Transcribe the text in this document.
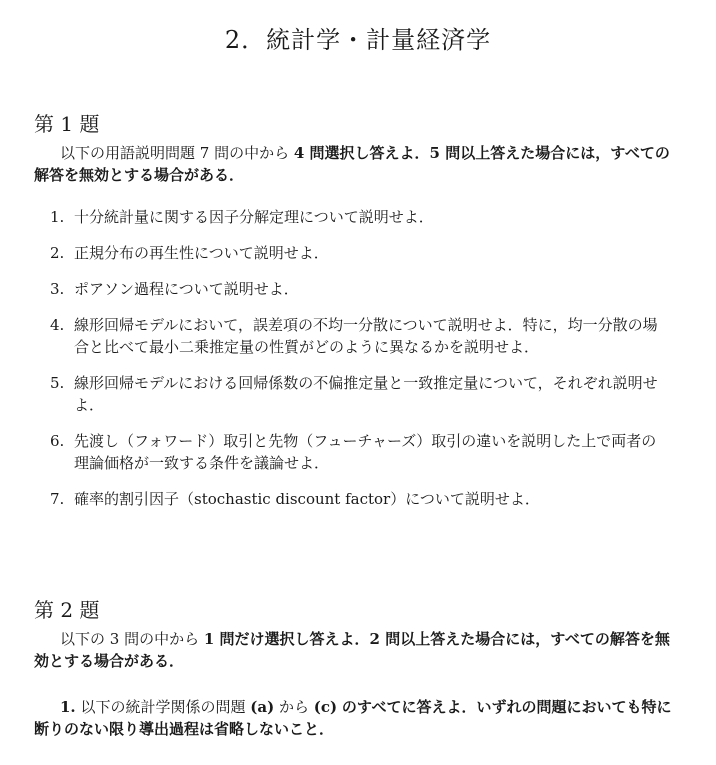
2．統計学・計量経済学
第 1 題
以下の用語説明問題 7 問の中から 4 問選択し答えよ．5 問以上答えた場合には，すべての解答を無効とする場合がある．
1. 十分統計量に関する因子分解定理について説明せよ．
2. 正規分布の再生性について説明せよ．
3. ポアソン過程について説明せよ．
4. 線形回帰モデルにおいて，誤差項の不均一分散について説明せよ．特に，均一分散の場合と比べて最小二乗推定量の性質がどのように異なるかを説明せよ．
5. 線形回帰モデルにおける回帰係数の不偏推定量と一致推定量について，それぞれ説明せよ．
6. 先渡し（フォワード）取引と先物（フューチャーズ）取引の違いを説明した上で両者の理論価格が一致する条件を議論せよ．
7. 確率的割引因子（stochastic discount factor）について説明せよ．
第 2 題
以下の 3 問の中から 1 問だけ選択し答えよ．2 問以上答えた場合には，すべての解答を無効とする場合がある．
1. 以下の統計学関係の問題 (a) から (c) のすべてに答えよ．いずれの問題においても特に断りのない限り導出過程は省略しないこと．
